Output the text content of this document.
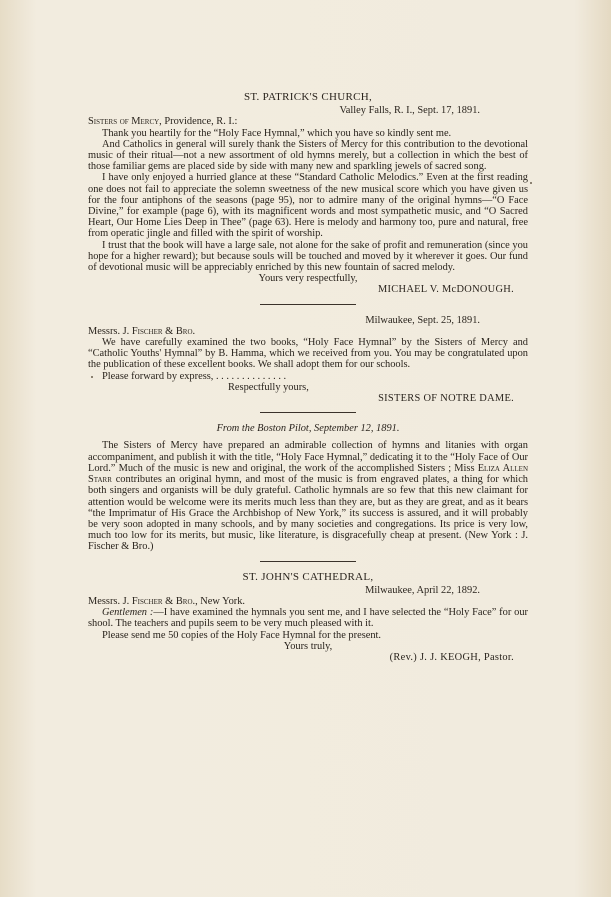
ST. PATRICK'S CHURCH,
Valley Falls, R. I., Sept. 17, 1891.

Sisters of Mercy, Providence, R. I.:

Thank you heartily for the “Holy Face Hymnal,” which you have so kindly sent me.

And Catholics in general will surely thank the Sisters of Mercy for this contribution to the devotional music of their ritual—not a new assortment of old hymns merely, but a collection in which the best of those familiar gems are placed side by side with many new and sparkling jewels of sacred song.

I have only enjoyed a hurried glance at these “Standard Catholic Melodics.” Even at the first reading one does not fail to appreciate the solemn sweetness of the new musical score which you have given us for the four antiphons of the seasons (page 95), nor to admire many of the original hymns—“O Face Divine,” for example (page 6), with its magnificent words and most sympathetic music, and “O Sacred Heart, Our Home Lies Deep in Thee” (page 63). Here is melody and harmony too, pure and natural, free from operatic jingle and filled with the spirit of worship.

I trust that the book will have a large sale, not alone for the sake of profit and remuneration (since you hope for a higher reward); but because souls will be touched and moved by it wherever it goes. Our fund of devotional music will be appreciably enriched by this new fountain of sacred melody.

Yours very respectfully,

MICHAEL V. McDONOUGH.

Milwaukee, Sept. 25, 1891.

Messrs. J. Fischer & Bro.

We have carefully examined the two books, “Holy Face Hymnal” by the Sisters of Mercy and “Catholic Youths' Hymnal” by B. Hamma, which we received from you. You may be congratulated upon the publication of these excellent books. We shall adopt them for our schools.

Please forward by express, . . . . . . . . . . . . . .

Respectfully yours,

SISTERS OF NOTRE DAME.

From the Boston Pilot, September 12, 1891.

The Sisters of Mercy have prepared an admirable collection of hymns and litanies with organ accompaniment, and publish it with the title, “Holy Face Hymnal,” dedicating it to the “Holy Face of Our Lord.” Much of the music is new and original, the work of the accomplished Sisters ; Miss Eliza Allen Starr contributes an original hymn, and most of the music is from engraved plates, a thing for which both singers and organists will be duly grateful. Catholic hymnals are so few that this new claimant for attention would be welcome were its merits much less than they are, but as they are great, and as it bears “the Imprimatur of His Grace the Archbishop of New York,” its success is assured, and it will probably be very soon adopted in many schools, and by many societies and congregations. Its price is very low, much too low for its merits, but music, like literature, is disgracefully cheap at present. (New York : J. Fischer & Bro.)

ST. JOHN'S CATHEDRAL,
Milwaukee, April 22, 1892.

Messrs. J. Fischer & Bro., New York.

Gentlemen :—I have examined the hymnals you sent me, and I have selected the “Holy Face” for our shool. The teachers and pupils seem to be very much pleased with it.

Please send me 50 copies of the Holy Face Hymnal for the present.

Yours truly,

(Rev.) J. J. KEOGH, Pastor.
